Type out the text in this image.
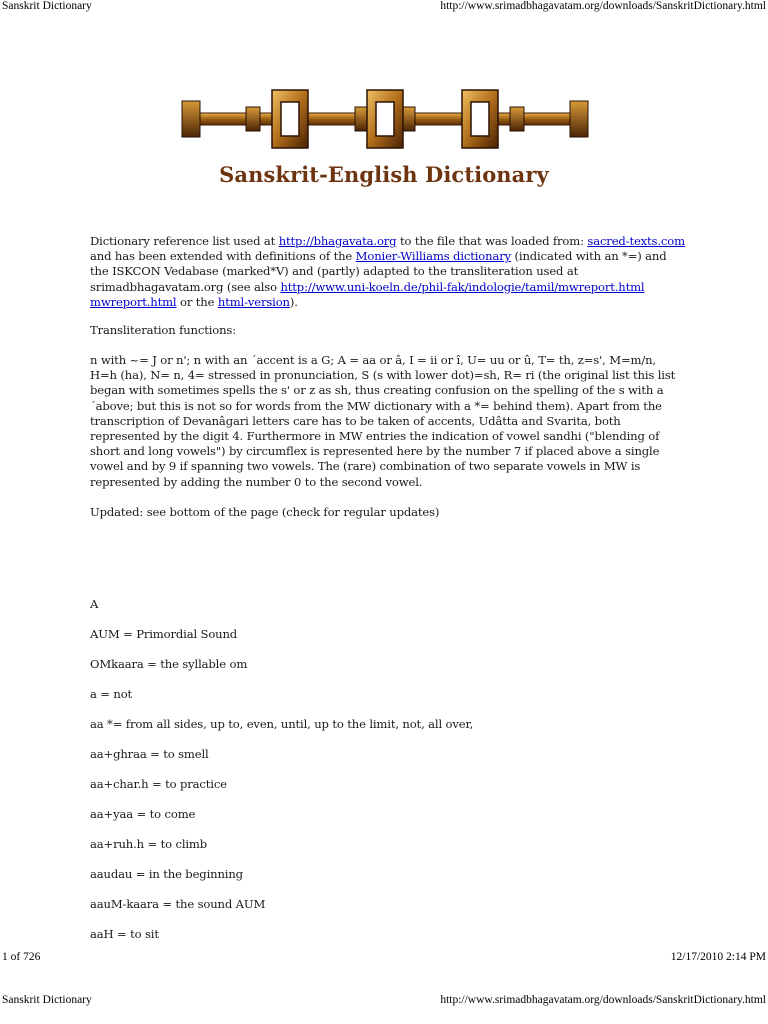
Sanskrit Dictionary	http://www.srimadbhagavatam.org/downloads/SanskritDictionary.html
Sanskrit-English Dictionary
Dictionary reference list used at http://bhagavata.org to the file that was loaded from: sacred-texts.com and has been extended with definitions of the Monier-Williams dictionary (indicated with an *=) and the ISKCON Vedabase (marked*V) and (partly) adapted to the transliteration used at srimadbhagavatam.org (see also http://www.uni-koeln.de/phil-fak/indologie/tamil/mwreport.html mwreport.html or the html-version).
Transliteration functions:
n with ~= J or n'; n with an ´accent is a G; A = aa or â, I = ii or î, U= uu or û, T= th, z=s', M=m/n, H=h (ha), N= n, 4= stressed in pronunciation, S (s with lower dot)=sh, R= ri (the original list this list began with sometimes spells the s' or z as sh, thus creating confusion on the spelling of the s with a ´above; but this is not so for words from the MW dictionary with a *= behind them). Apart from the transcription of Devanâgari letters care has to be taken of accents, Udâtta and Svarita, both represented by the digit 4. Furthermore in MW entries the indication of vowel sandhi ("blending of short and long vowels") by circumflex is represented here by the number 7 if placed above a single vowel and by 9 if spanning two vowels. The (rare) combination of two separate vowels in MW is represented by adding the number 0 to the second vowel.
Updated: see bottom of the page (check for regular updates)
A
AUM = Primordial Sound
OMkaara = the syllable om
a = not
aa *= from all sides, up to, even, until, up to the limit, not, all over,
aa+ghraa = to smell
aa+char.h = to practice
aa+yaa = to come
aa+ruh.h = to climb
aaudau = in the beginning
aauM-kaara = the sound AUM
aaH = to sit
1 of 726	12/17/2010 2:14 PM
Sanskrit Dictionary	http://www.srimadbhagavatam.org/downloads/SanskritDictionary.html
